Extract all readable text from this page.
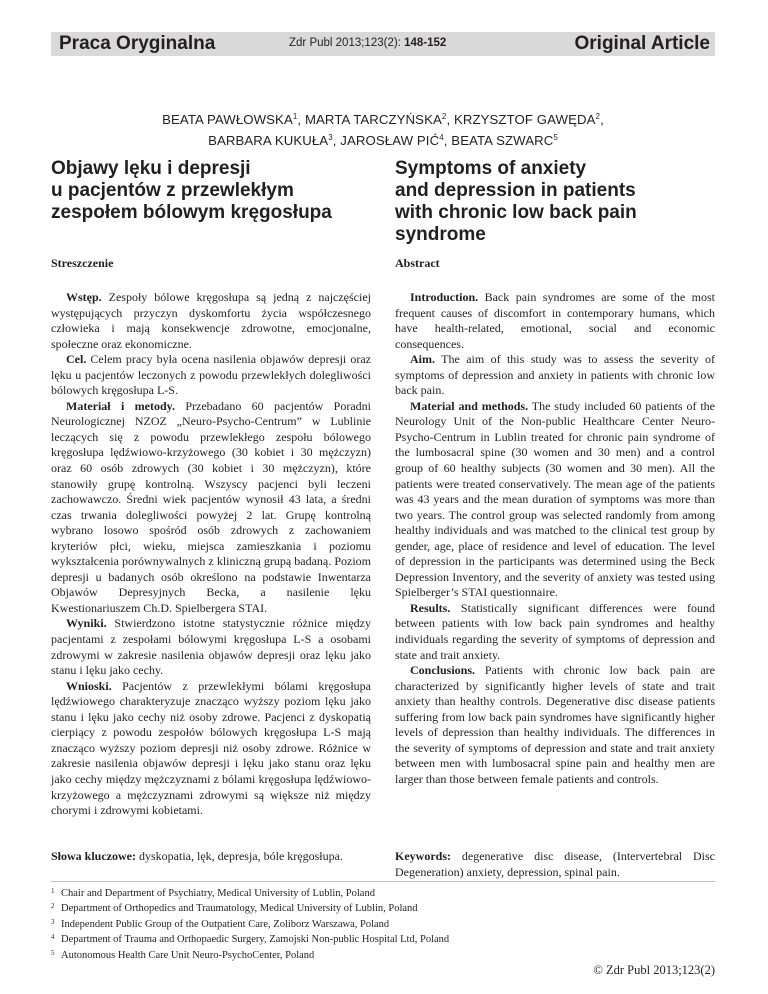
Praca Oryginalna	Zdr Publ 2013;123(2): 148-152	Original Article
BEATA PAWŁOWSKA$^1$, MARTA TARCZYŃSKA$^2$, KRZYSZTOF GAWĘDA$^2$,
BARBARA KUKUŁA$^3$, JAROSŁAW PIĆ$^4$, BEATA SZWARC$^5$
Objawy lęku i depresji
u pacjentów z przewlekłym
zespołem bólowym kręgosłupa
Symptoms of anxiety
and depression in patients
with chronic low back pain syndrome
Streszczenie	Abstract

Wstęp. Zespoły bólowe kręgosłupa są jedną z najczęściej występujących przyczyn dyskomfortu życia współczesnego człowieka i mają konsekwencje zdrowotne, emocjonalne, społeczne oraz ekonomiczne.

Cel. Celem pracy była ocena nasilenia objawów depresji oraz lęku u pacjentów leczonych z powodu przewlekłych dolegliwości bólowych kręgosłupa L-S.

Materiał i metody. Przebadano 60 pacjentów Poradni Neurologicznej NZOZ „Neuro-Psycho-Centrum” w Lublinie leczących się z powodu przewlekłego zespołu bólowego kręgosłupa lędźwiowo-krzyżowego (30 kobiet i 30 mężczyzn) oraz 60 osób zdrowych (30 kobiet i 30 mężczyzn), które stanowiły grupę kontrolną. Wszyscy pacjenci byli leczeni zachowawczo. Średni wiek pacjentów wynosił 43 lata, a średni czas trwania dolegliwości powyżej 2 lat. Grupę kontrolną wybrano losowo spośród osób zdrowych z zachowaniem kryteriów płci, wieku, miejsca zamieszkania i poziomu wykształcenia porównywalnych z kliniczną grupą badaną. Poziom depresji u badanych osób określono na podstawie Inwentarza Objawów Depresyjnych Becka, a nasilenie lęku Kwestionariuszem Ch.D. Spielbergera STAI.

Wyniki. Stwierdzono istotne statystycznie różnice między pacjentami z zespołami bólowymi kręgosłupa L-S a osobami zdrowymi w zakresie nasilenia objawów depresji oraz lęku jako stanu i lęku jako cechy.

Wnioski. Pacjentów z przewlekłymi bólami kręgosłupa lędźwiowego charakteryzuje znacząco wyższy poziom lęku jako stanu i lęku jako cechy niż osoby zdrowe. Pacjenci z dyskopatią cierpiący z powodu zespołów bólowych kręgosłupa L-S mają znacząco wyższy poziom depresji niż osoby zdrowe. Różnice w zakresie nasilenia objawów depresji i lęku jako stanu oraz lęku jako cechy między mężczyznami z bólami kręgosłupa lędźwiowo-krzyżowego a mężczyznami zdrowymi są większe niż między chorymi i zdrowymi kobietami.

Introduction. Back pain syndromes are some of the most frequent causes of discomfort in contemporary humans, which have health-related, emotional, social and economic consequences.

Aim. The aim of this study was to assess the severity of symptoms of depression and anxiety in patients with chronic low back pain.

Material and methods. The study included 60 patients of the Neurology Unit of the Non-public Healthcare Center Neuro-Psycho-Centrum in Lublin treated for chronic pain syndrome of the lumbosacral spine (30 women and 30 men) and a control group of 60 healthy subjects (30 women and 30 men). All the patients were treated conservatively. The mean age of the patients was 43 years and the mean duration of symptoms was more than two years. The control group was selected randomly from among healthy individuals and was matched to the clinical test group by gender, age, place of residence and level of education. The level of depression in the participants was determined using the Beck Depression Inventory, and the severity of anxiety was tested using Spielberger’s STAI questionnaire.

Results. Statistically significant differences were found between patients with low back pain syndromes and healthy individuals regarding the severity of symptoms of depression and state and trait anxiety.

Conclusions. Patients with chronic low back pain are characterized by significantly higher levels of state and trait anxiety than healthy controls. Degenerative disc disease patients suffering from low back pain syndromes have significantly higher levels of depression than healthy individuals. The differences in the severity of symptoms of depression and state and trait anxiety between men with lumbosacral spine pain and healthy men are larger than those between female patients and controls.

Słowa kluczowe: dyskopatia, lęk, depresja, bóle kręgosłupa.	Keywords: degenerative disc disease, (Intervertebral Disc Degeneration) anxiety, depression, spinal pain.
$^1$ Chair and Department of Psychiatry, Medical University of Lublin, Poland
$^2$ Department of Orthopedics and Traumatology, Medical University of Lublin, Poland
$^3$ Independent Public Group of the Outpatient Care, Zoliborz Warszawa, Poland
$^4$ Department of Trauma and Orthopaedic Surgery, Zamojski Non-public Hospital Ltd, Poland
$^5$ Autonomous Health Care Unit Neuro-PsychoCenter, Poland
© Zdr Publ 2013;123(2)
